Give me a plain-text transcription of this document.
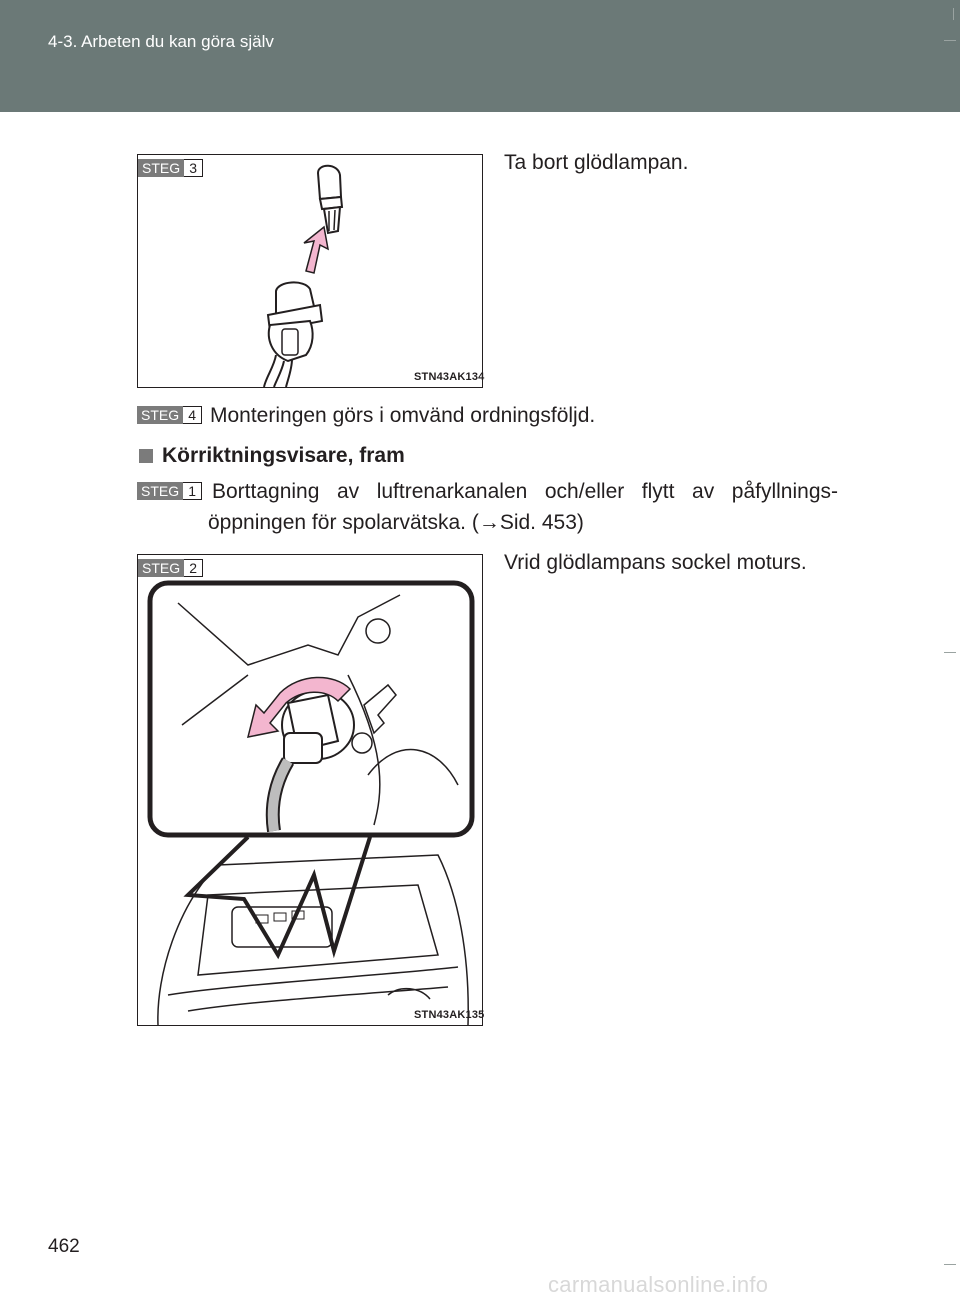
4-3. Arbeten du kan göra själv
STEG 3
STN43AK134
Ta bort glödlampan.
STEG 4 Monteringen görs i omvänd ordningsföljd.
Körriktningsvisare, fram
STEG 1 Borttagning av luftrenarkanalen och/eller flytt av påfyllnings-
öppningen för spolarvätska. (→Sid. 453)
STEG 2
STN43AK135
Vrid glödlampans sockel moturs.
462
carmanualsonline.info
